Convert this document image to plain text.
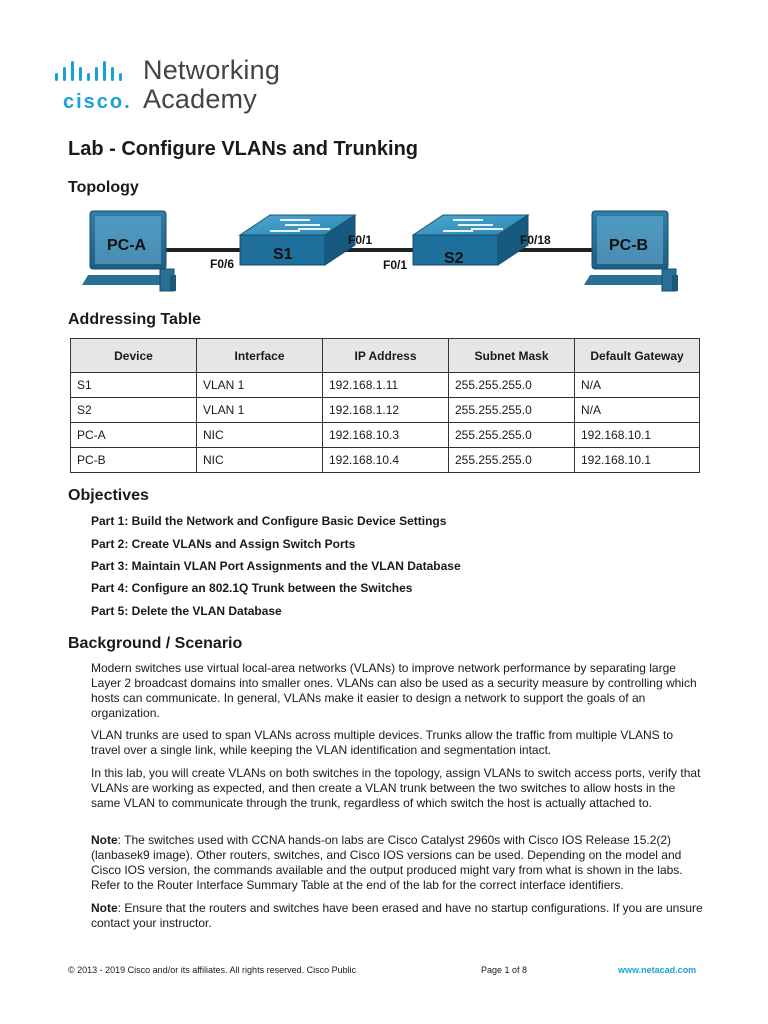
Networking
Academy
cisco.
Lab - Configure VLANs and Trunking
Topology
PC-A
S1	S2
PC-B
F0/6
F0/1
F0/1
F0/18
Addressing Table
Device	Interface	IP Address	Subnet Mask	Default Gateway
S1	VLAN 1	192.168.1.11	255.255.255.0	N/A
S2	VLAN 1	192.168.1.12	255.255.255.0	N/A
PC-A	NIC	192.168.10.3	255.255.255.0	192.168.10.1
PC-B	NIC	192.168.10.4	255.255.255.0	192.168.10.1
Objectives
Part 1: Build the Network and Configure Basic Device Settings
Part 2: Create VLANs and Assign Switch Ports
Part 3: Maintain VLAN Port Assignments and the VLAN Database
Part 4: Configure an 802.1Q Trunk between the Switches
Part 5: Delete the VLAN Database
Background / Scenario

Modern switches use virtual local-area networks (VLANs) to improve network performance by separating large Layer 2 broadcast domains into smaller ones. VLANs can also be used as a security measure by controlling which hosts can communicate. In general, VLANs make it easier to design a network to support the goals of an organization.

VLAN trunks are used to span VLANs across multiple devices. Trunks allow the traffic from multiple VLANS to travel over a single link, while keeping the VLAN identification and segmentation intact.

In this lab, you will create VLANs on both switches in the topology, assign VLANs to switch access ports, verify that VLANs are working as expected, and then create a VLAN trunk between the two switches to allow hosts in the same VLAN to communicate through the trunk, regardless of which switch the host is actually attached to.

Note: The switches used with CCNA hands-on labs are Cisco Catalyst 2960s with Cisco IOS Release 15.2(2) (lanbasek9 image). Other routers, switches, and Cisco IOS versions can be used. Depending on the model and Cisco IOS version, the commands available and the output produced might vary from what is shown in the labs. Refer to the Router Interface Summary Table at the end of the lab for the correct interface identifiers.

Note: Ensure that the routers and switches have been erased and have no startup configurations. If you are unsure contact your instructor.

© 2013 - 2019 Cisco and/or its affiliates. All rights reserved. Cisco Public	Page 1 of 8	www.netacad.com
